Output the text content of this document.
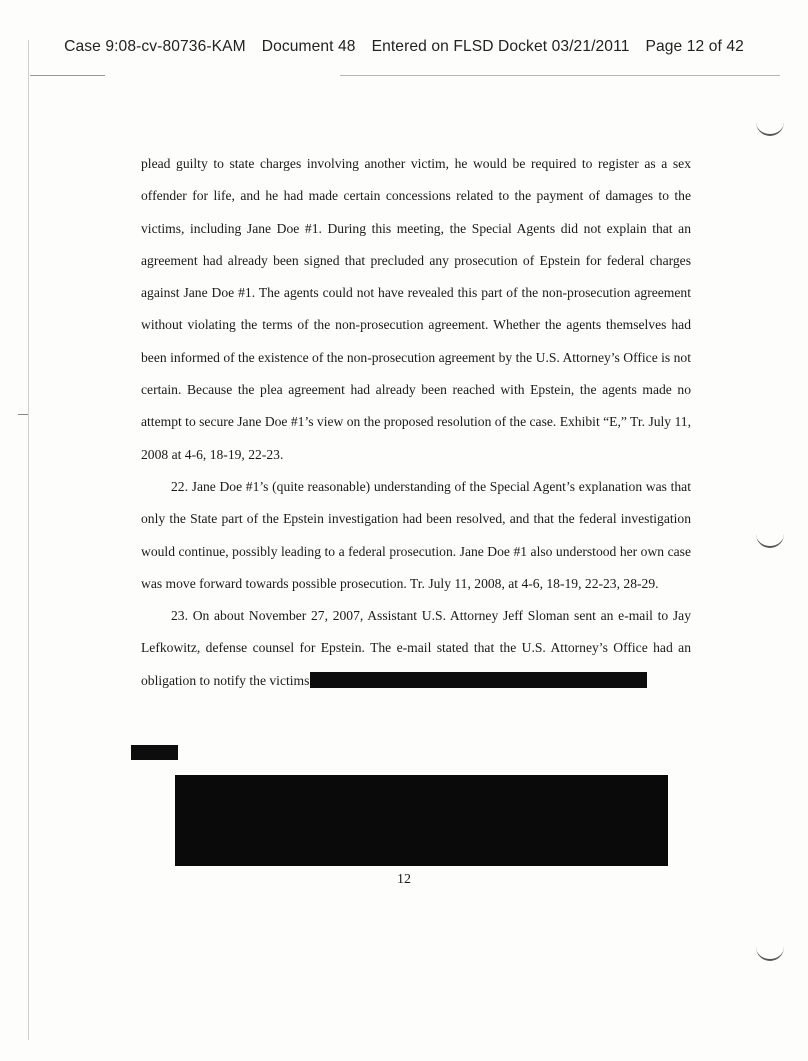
Case 9:08-cv-80736-KAM Document 48 Entered on FLSD Docket 03/21/2011 Page 12 of 42

plead guilty to state charges involving another victim, he would be required to register as a sex offender for life, and he had made certain concessions related to the payment of damages to the victims, including Jane Doe #1. During this meeting, the Special Agents did not explain that an agreement had already been signed that precluded any prosecution of Epstein for federal charges against Jane Doe #1. The agents could not have revealed this part of the non-prosecution agreement without violating the terms of the non-prosecution agreement. Whether the agents themselves had been informed of the existence of the non-prosecution agreement by the U.S. Attorney’s Office is not certain. Because the plea agreement had already been reached with Epstein, the agents made no attempt to secure Jane Doe #1’s view on the proposed resolution of the case. Exhibit “E,” Tr. July 11, 2008 at 4-6, 18-19, 22-23.

22. Jane Doe #1’s (quite reasonable) understanding of the Special Agent’s explanation was that only the State part of the Epstein investigation had been resolved, and that the federal investigation would continue, possibly leading to a federal prosecution. Jane Doe #1 also understood her own case was move forward towards possible prosecution. Tr. July 11, 2008, at 4-6, 18-19, 22-23, 28-29.

23. On about November 27, 2007, Assistant U.S. Attorney Jeff Sloman sent an e-mail to Jay Lefkowitz, defense counsel for Epstein. The e-mail stated that the U.S. Attorney’s Office had an obligation to notify the victims

12
